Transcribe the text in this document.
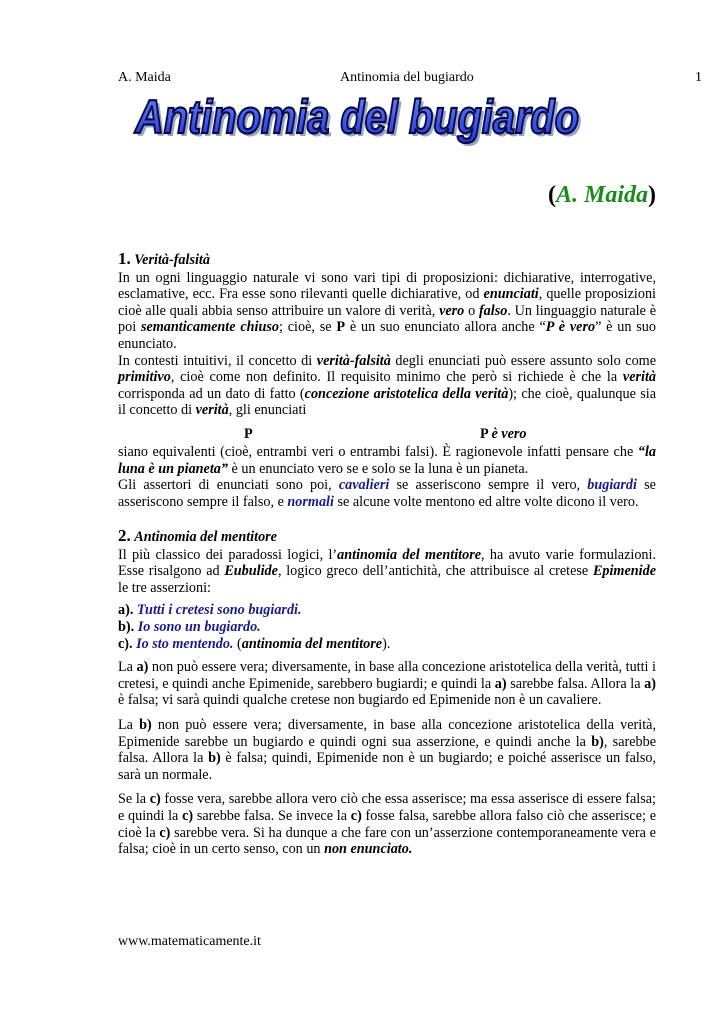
A. Maida	Antinomia del bugiardo	1
Antinomia del bugiardo
Antinomia del bugiardo
(A. Maida)
1. Verità-falsità

In un ogni linguaggio naturale vi sono vari tipi di proposizioni: dichiarative, interrogative, esclamative, ecc. Fra esse sono rilevanti quelle dichiarative, od enunciati, quelle proposizioni cioè alle quali abbia senso attribuire un valore di verità, vero o falso. Un linguaggio naturale è poi semanticamente chiuso; cioè, se P è un suo enunciato allora anche “P è vero” è un suo enunciato.

In contesti intuitivi, il concetto di verità-falsità degli enunciati può essere assunto solo come primitivo, cioè come non definito. Il requisito minimo che però si richiede è che la verità corrisponda ad un dato di fatto (concezione aristotelica della verità); che cioè, qualunque sia il concetto di verità, gli enunciati

P	P è vero

siano equivalenti (cioè, entrambi veri o entrambi falsi). È ragionevole infatti pensare che “la luna è un pianeta” è un enunciato vero se e solo se la luna è un pianeta.

Gli assertori di enunciati sono poi, cavalieri se asseriscono sempre il vero, bugiardi se asseriscono sempre il falso, e normali se alcune volte mentono ed altre volte dicono il vero.

2. Antinomia del mentitore

Il più classico dei paradossi logici, l’antinomia del mentitore, ha avuto varie formulazioni. Esse risalgono ad Eubulide, logico greco dell’antichità, che attribuisce al cretese Epimenide le tre asserzioni:

a). Tutti i cretesi sono bugiardi.
b). Io sono un bugiardo.
c). Io sto mentendo. (antinomia del mentitore).

La a) non può essere vera; diversamente, in base alla concezione aristotelica della verità, tutti i cretesi, e quindi anche Epimenide, sarebbero bugiardi; e quindi la a) sarebbe falsa. Allora la a) è falsa; vi sarà quindi qualche cretese non bugiardo ed Epimenide non è un cavaliere.

La b) non può essere vera; diversamente, in base alla concezione aristotelica della verità, Epimenide sarebbe un bugiardo e quindi ogni sua asserzione, e quindi anche la b), sarebbe falsa. Allora la b) è falsa; quindi, Epimenide non è un bugiardo; e poiché asserisce un falso, sarà un normale.

Se la c) fosse vera, sarebbe allora vero ciò che essa asserisce; ma essa asserisce di essere falsa; e quindi la c) sarebbe falsa. Se invece la c) fosse falsa, sarebbe allora falso ciò che asserisce; e cioè la c) sarebbe vera. Si ha dunque a che fare con un’asserzione contemporaneamente vera e falsa; cioè in un certo senso, con un non enunciato.

www.matematicamente.it
